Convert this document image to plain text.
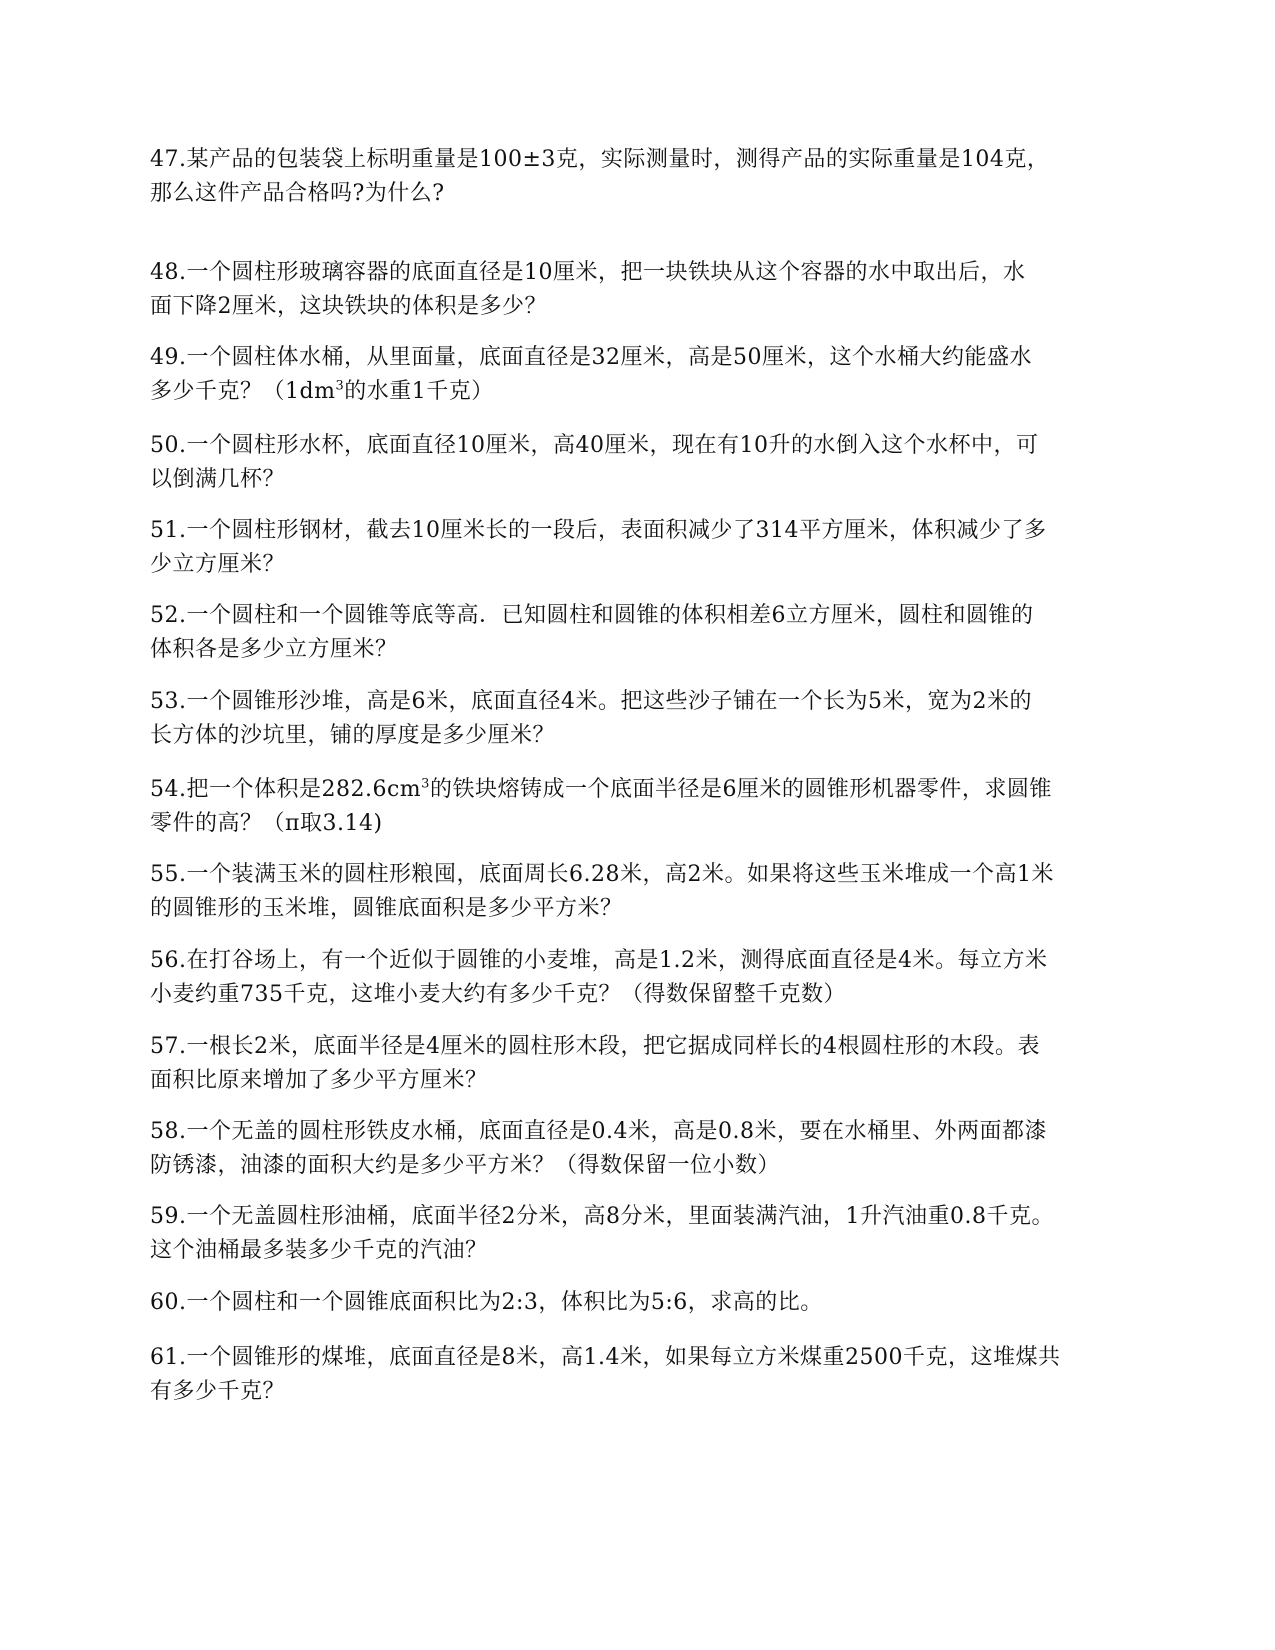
47.某产品的包装袋上标明重量是100±3克，实际测量时，测得产品的实际重量是104克，
那么这件产品合格吗?为什么?
48.一个圆柱形玻璃容器的底面直径是10厘米，把一块铁块从这个容器的水中取出后，水
面下降2厘米，这块铁块的体积是多少？
49.一个圆柱体水桶，从里面量，底面直径是32厘米，高是50厘米，这个水桶大约能盛水
多少千克？（$1dm^3$的水重1千克）
50.一个圆柱形水杯，底面直径10厘米，高40厘米，现在有10升的水倒入这个水杯中，可
以倒满几杯？
51.一个圆柱形钢材，截去10厘米长的一段后，表面积减少了314平方厘米，体积减少了多
少立方厘米？
52.一个圆柱和一个圆锥等底等高．已知圆柱和圆锥的体积相差6立方厘米，圆柱和圆锥的
体积各是多少立方厘米？
53.一个圆锥形沙堆，高是6米，底面直径4米。把这些沙子铺在一个长为5米，宽为2米的
长方体的沙坑里，铺的厚度是多少厘米？
54.把一个体积是$282.6cm^3$的铁块熔铸成一个底面半径是6厘米的圆锥形机器零件，求圆锥
零件的高？（π取3.14)
55.一个装满玉米的圆柱形粮囤，底面周长6.28米，高2米。如果将这些玉米堆成一个高1米
的圆锥形的玉米堆，圆锥底面积是多少平方米？
56.在打谷场上，有一个近似于圆锥的小麦堆，高是1.2米，测得底面直径是4米。每立方米
小麦约重735千克，这堆小麦大约有多少千克？（得数保留整千克数）
57.一根长2米，底面半径是4厘米的圆柱形木段，把它据成同样长的4根圆柱形的木段。表
面积比原来增加了多少平方厘米？
58.一个无盖的圆柱形铁皮水桶，底面直径是0.4米，高是0.8米，要在水桶里、外两面都漆
防锈漆，油漆的面积大约是多少平方米？（得数保留一位小数）
59.一个无盖圆柱形油桶，底面半径2分米，高8分米，里面装满汽油，1升汽油重0.8千克。
这个油桶最多装多少千克的汽油？
60.一个圆柱和一个圆锥底面积比为2:3，体积比为5:6，求高的比。
61.一个圆锥形的煤堆，底面直径是8米，高1.4米，如果每立方米煤重2500千克，这堆煤共
有多少千克？
